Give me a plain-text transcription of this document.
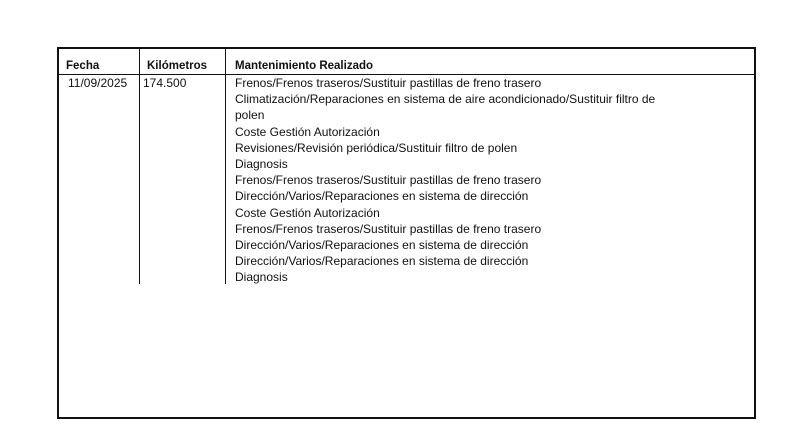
Fecha	Kilómetros Mantenimiento Realizado
11/09/2025 174.500	Frenos/Frenos traseros/Sustituir pastillas de freno trasero
Climatización/Reparaciones en sistema de aire acondicionado/Sustituir filtro de
polen
Coste Gestión Autorización
Revisiones/Revisión periódica/Sustituir filtro de polen
Diagnosis
Frenos/Frenos traseros/Sustituir pastillas de freno trasero
Dirección/Varios/Reparaciones en sistema de dirección
Coste Gestión Autorización
Frenos/Frenos traseros/Sustituir pastillas de freno trasero
Dirección/Varios/Reparaciones en sistema de dirección
Dirección/Varios/Reparaciones en sistema de dirección
Diagnosis
